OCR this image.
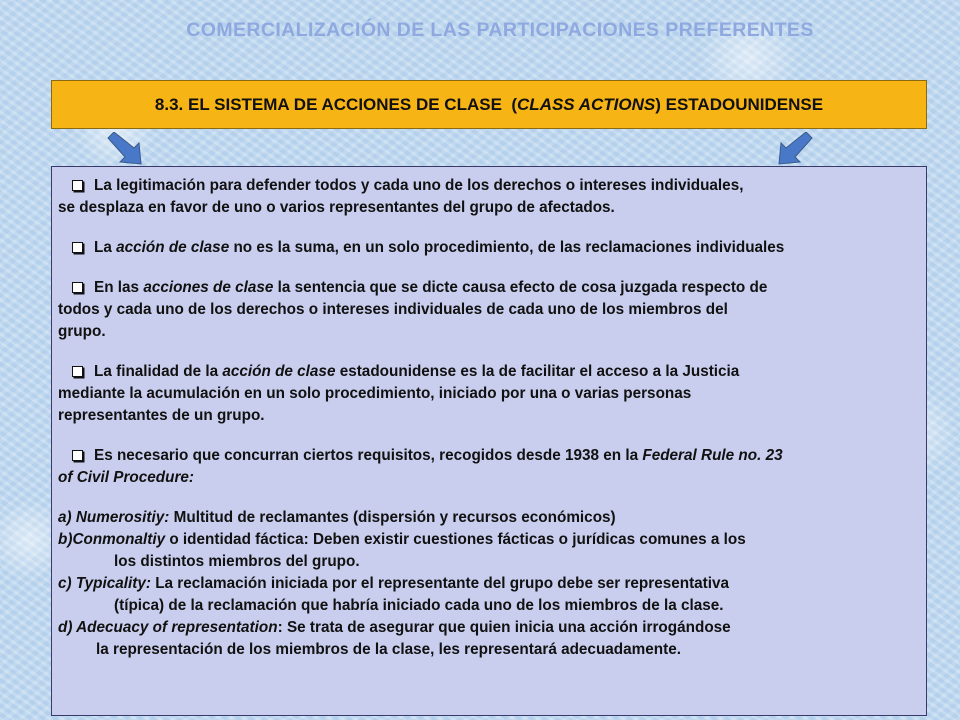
COMERCIALIZACIÓN DE LAS PARTICIPACIONES PREFERENTES
8.3. EL SISTEMA DE ACCIONES DE CLASE  ( CLASS ACTIONS ) ESTADOUNIDENSE

La legitimación para defender todos y cada uno de los derechos o intereses individuales,
se desplaza en favor de uno o varios representantes del grupo de afectados.

La acción de clase no es la suma, en un solo procedimiento, de las reclamaciones individuales

En las acciones de clase la sentencia que se dicte causa efecto de cosa juzgada respecto de
todos y cada uno de los derechos o intereses individuales de cada uno de los miembros del
grupo.

La finalidad de la acción de clase estadounidense es la de facilitar el acceso a la Justicia
mediante la acumulación en un solo procedimiento, iniciado por una o varias personas
representantes de un grupo.

Es necesario que concurran ciertos requisitos, recogidos desde 1938 en la Federal Rule no. 23
of Civil Procedure:

a) Numerositiy: Multitud de reclamantes (dispersión y recursos económicos)

b)Conmonaltiy o identidad fáctica: Deben existir cuestiones fácticas o jurídicas comunes a los
los distintos miembros del grupo.

c) Typicality: La reclamación iniciada por el representante del grupo debe ser representativa
(típica) de la reclamación que habría iniciado cada uno de los miembros de la clase.

d) Adecuacy of representation: Se trata de asegurar que quien inicia una acción irrogándose
la representación de los miembros de la clase, les representará adecuadamente.
